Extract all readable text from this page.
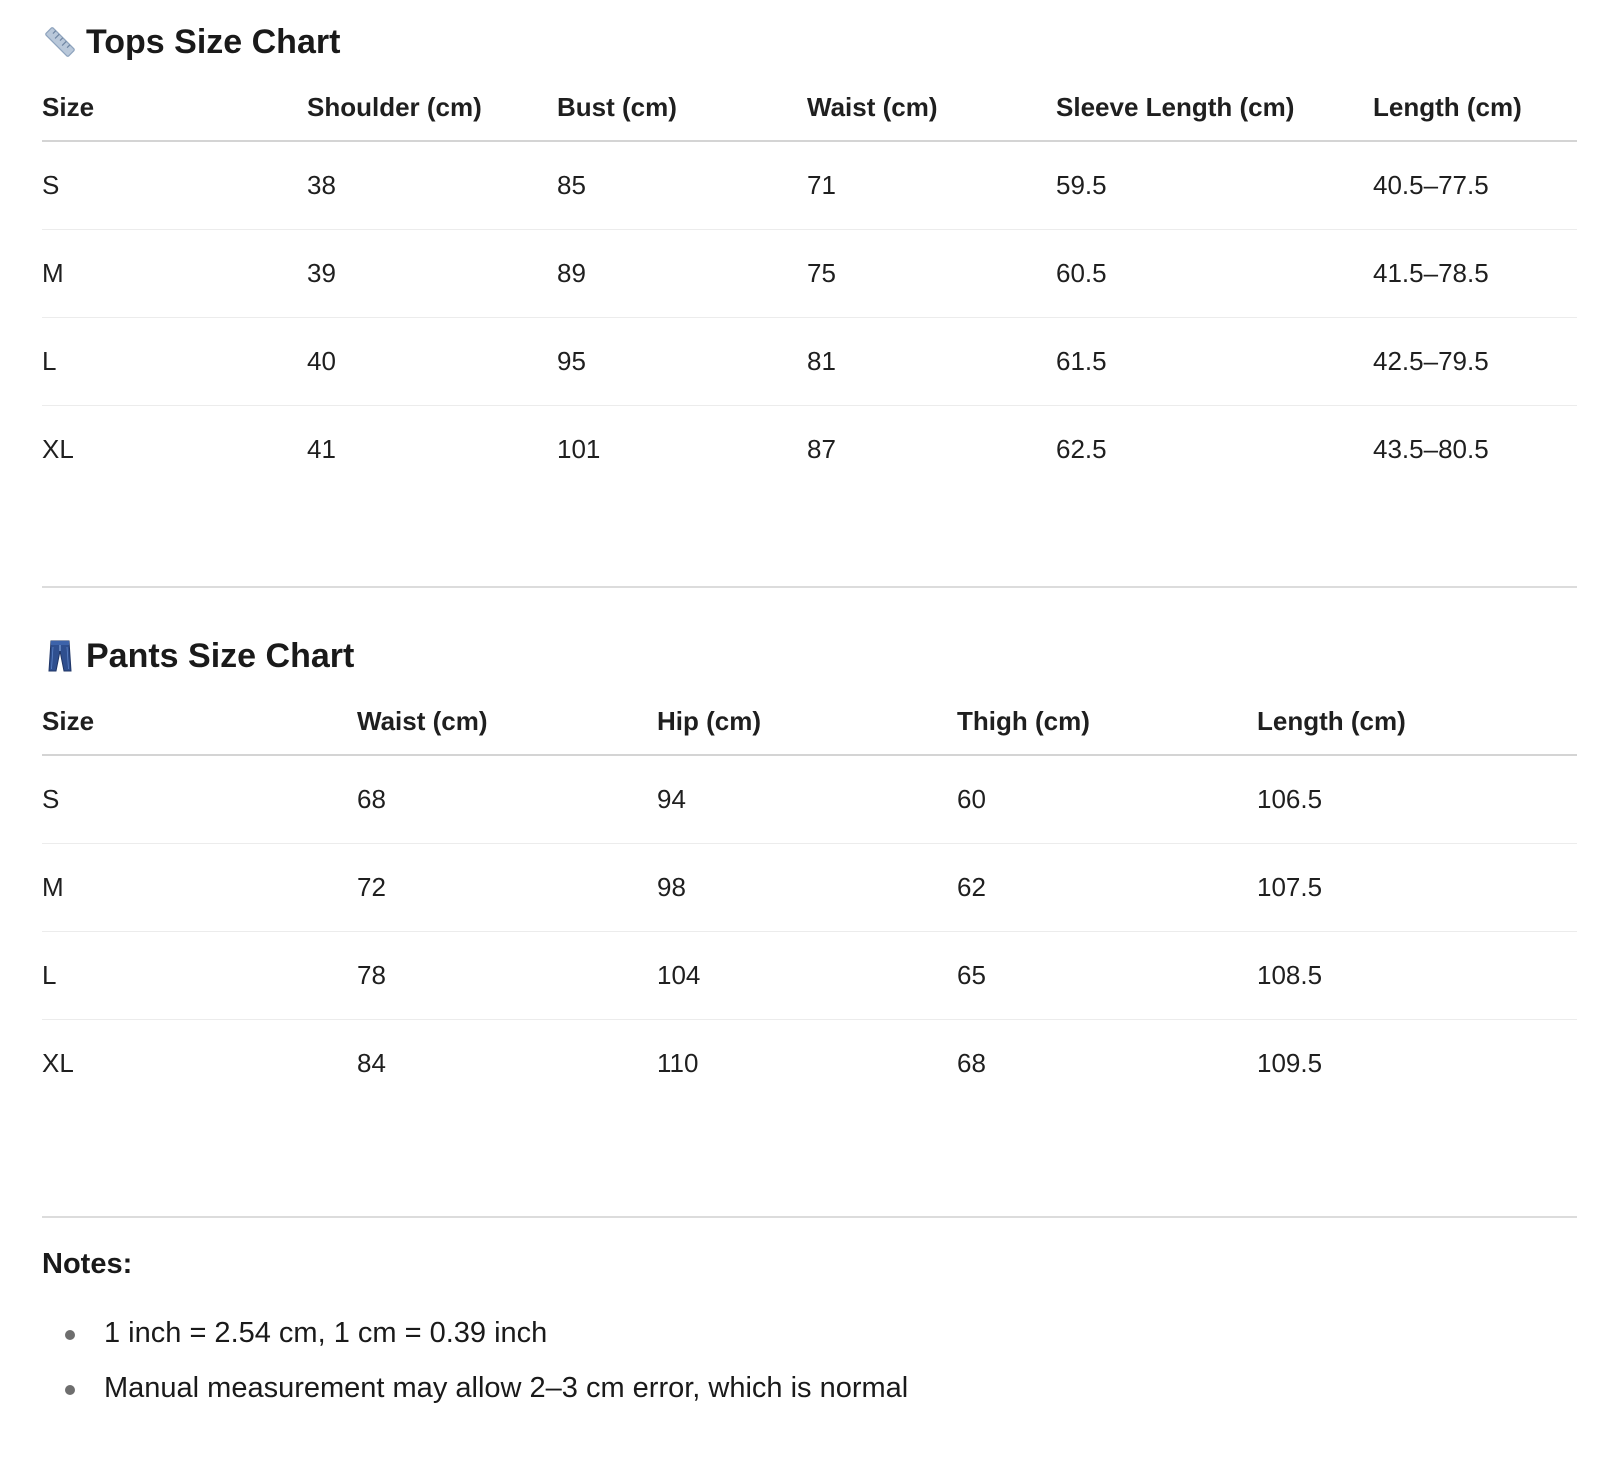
Tops Size Chart
Size	Shoulder (cm)	Bust (cm)	Waist (cm)	Sleeve Length (cm)	Length (cm)
S	38	85	71	59.5	40.5–77.5
M	39	89	75	60.5	41.5–78.5
L	40	95	81	61.5	42.5–79.5
XL	41	101	87	62.5	43.5–80.5
Pants Size Chart
Size	Waist (cm)	Hip (cm)	Thigh (cm)	Length (cm)
S	68	94	60	106.5
M	72	98	62	107.5
L	78	104	65	108.5
XL	84	110	68	109.5
Notes:
1 inch = 2.54 cm, 1 cm = 0.39 inch
Manual measurement may allow 2–3 cm error, which is normal
